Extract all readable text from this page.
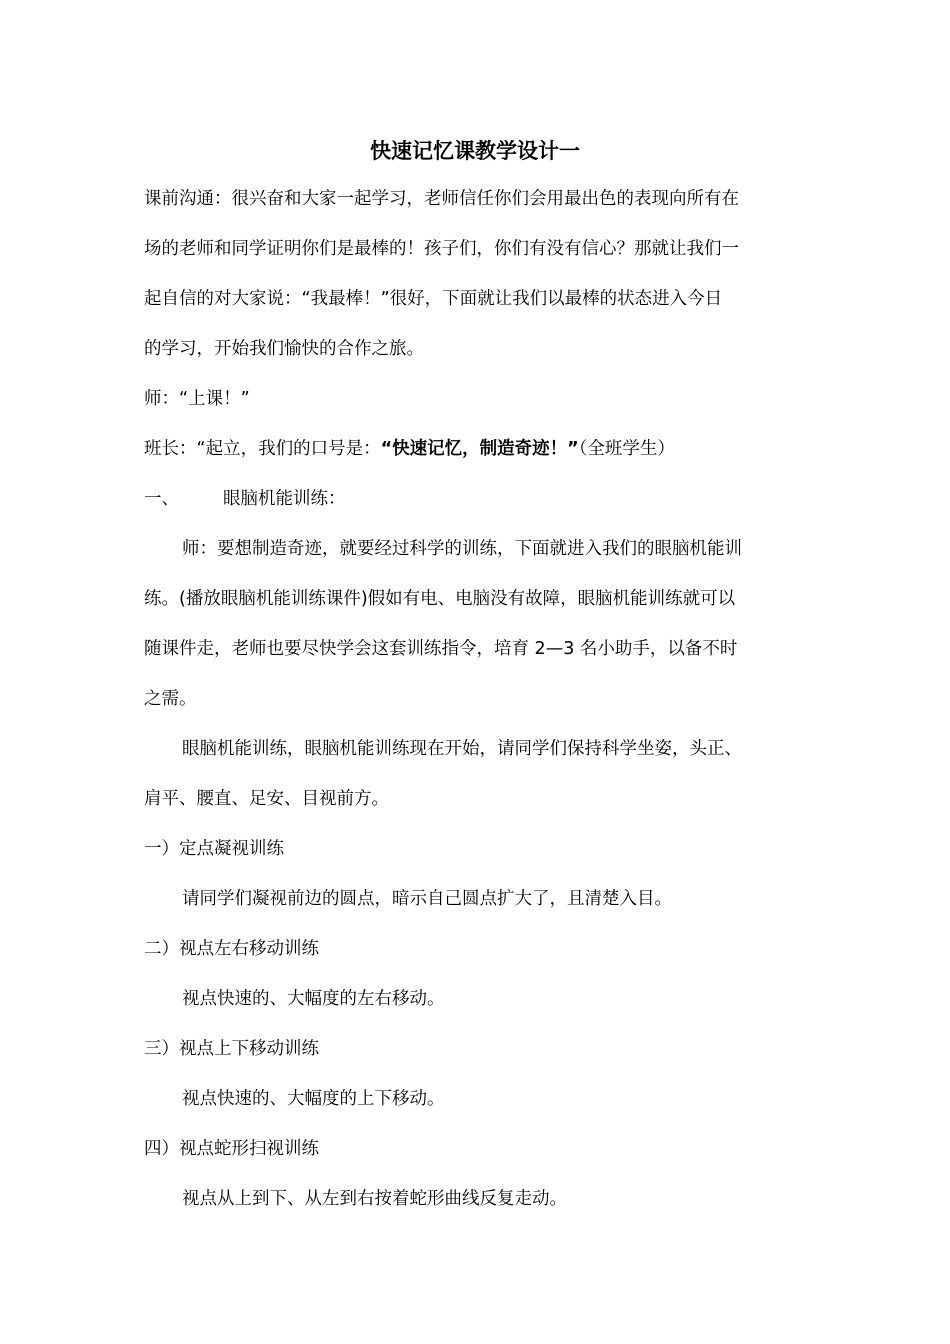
快速记忆课教学设计一
课前沟通：很兴奋和大家一起学习，老师信任你们会用最出色的表现向所有在
场的老师和同学证明你们是最棒的！孩子们，你们有没有信心？那就让我们一
起自信的对大家说：“我最棒！”很好，下面就让我们以最棒的状态进入今日
的学习，开始我们愉快的合作之旅。
师：“上课！”
班长：“起立，我们的口号是：“快速记忆，制造奇迹！”（全班学生）
一、	眼脑机能训练：
师：要想制造奇迹，就要经过科学的训练，下面就进入我们的眼脑机能训
练。(播放眼脑机能训练课件)假如有电、电脑没有故障，眼脑机能训练就可以
随课件走，老师也要尽快学会这套训练指令，培育 2—3 名小助手，以备不时
之需。
眼脑机能训练，眼脑机能训练现在开始，请同学们保持科学坐姿，头正、
肩平、腰直、足安、目视前方。
一）定点凝视训练
请同学们凝视前边的圆点，暗示自己圆点扩大了，且清楚入目。
二）视点左右移动训练
视点快速的、大幅度的左右移动。
三）视点上下移动训练
视点快速的、大幅度的上下移动。
四）视点蛇形扫视训练
视点从上到下、从左到右按着蛇形曲线反复走动。
